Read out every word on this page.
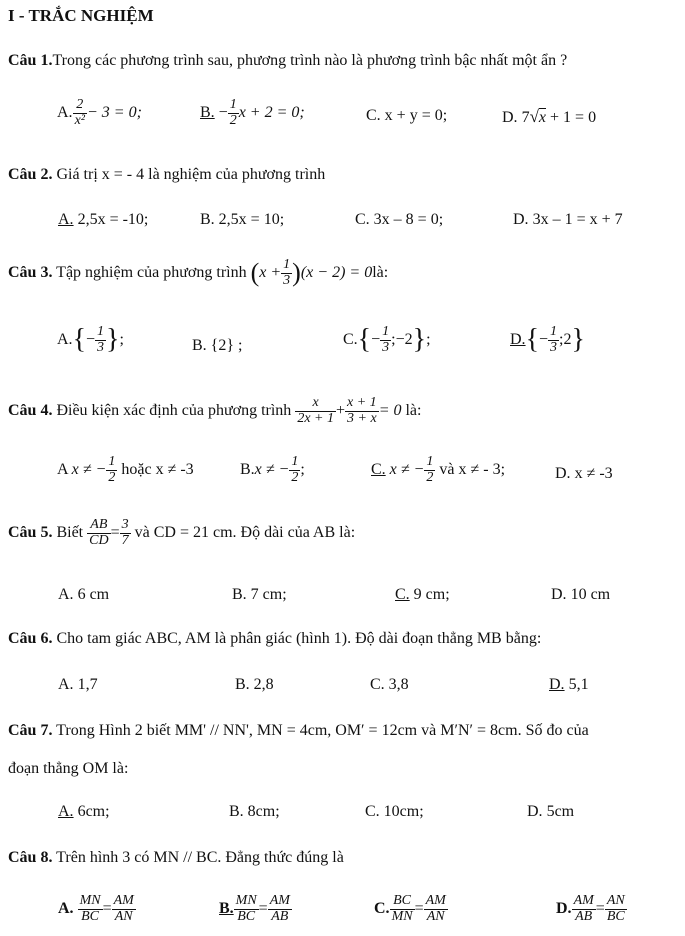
I - TRẮC NGHIỆM
Câu 1.Trong các phương trình sau, phương trình nào là phương trình bậc nhất một ẩn ?
A. $\frac{2}{\text{x²}} - 3 = 0$;	B. − $\frac{1}{2}$ x + 2 = 0;	C. x + y = 0;	D. 7√x + 1 = 0
Câu 2. Giá trị x = - 4 là nghiệm của phương trình
A. 2,5x = -10;	B. 2,5x = 10;	C. 3x – 8 = 0;	D. 3x – 1 = x + 7
Câu 3. Tập nghiệm của phương trình $(x + \frac{1}{3} )(x - 2)$ = 0là:
$A.\{- \frac{1}{3}$ };	B. {2} ;	$C.\{- \frac{1}{3}$ ;−2};	$D.\{- \frac{1}{3}$ ;2}
Câu 4. Điều kiện xác định của phương trình $\frac{x}{2x + 1} + \frac{x + 1}{3 + x} = 0$ là:
A x ≠ − $\frac{1}{2}$ hoặc x ≠ -3	B.x ≠ − $\frac{1}{2}$ ;	C. x ≠ − $\frac{1}{2}$ và x ≠ - 3;	D. x ≠ -3
Câu 5. Biết $\frac{AB}{CD} = \frac{3}{7}$ và CD = 21 cm. Độ dài của AB là:
A. 6 cm	B. 7 cm;	C. 9 cm;	D. 10 cm
Câu 6. Cho tam giác ABC, AM là phân giác (hình 1). Độ dài đoạn thẳng MB bằng:
A. 1,7	B. 2,8	C. 3,8	D. 5,1
Câu 7. Trong Hình 2 biết MM' // NN', MN = 4cm, OM′ = 12cm và M′N′ = 8cm. Số đo của
đoạn thẳng OM là:
A. 6cm;	B. 8cm;	C. 10cm;	D. 5cm
Câu 8. Trên hình 3 có MN // BC. Đẳng thức đúng là
A. $\frac{MN}{BC} = \frac{AM}{AN}$	B. $\frac{MN}{BC} = \frac{AM}{AB}$	C. $\frac{BC}{MN} = \frac{AM}{AN}$	D. $\frac{AM}{AB} = \frac{AN}{BC}$
